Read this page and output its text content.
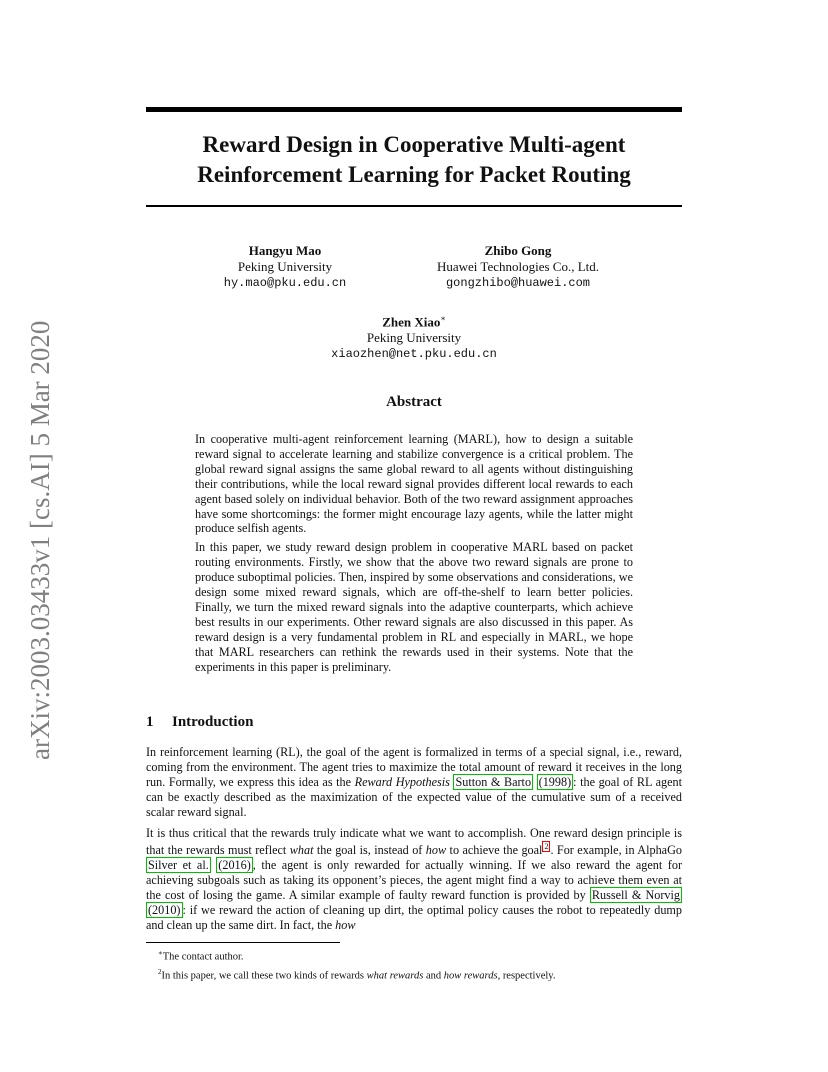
arXiv:2003.03433v1 [cs.AI] 5 Mar 2020
Reward Design in Cooperative Multi-agent
Reinforcement Learning for Packet Routing
Hangyu Mao
Peking University
hy.mao@pku.edu.cn
Zhibo Gong
Huawei Technologies Co., Ltd.
gongzhibo@huawei.com
Zhen Xiao∗
Peking University
xiaozhen@net.pku.edu.cn
Abstract

In cooperative multi-agent reinforcement learning (MARL), how to design a suitable reward signal to accelerate learning and stabilize convergence is a critical problem. The global reward signal assigns the same global reward to all agents without distinguishing their contributions, while the local reward signal provides different local rewards to each agent based solely on individual behavior. Both of the two reward assignment approaches have some shortcomings: the former might encourage lazy agents, while the latter might produce selfish agents.

In this paper, we study reward design problem in cooperative MARL based on packet routing environments. Firstly, we show that the above two reward signals are prone to produce suboptimal policies. Then, inspired by some observations and considerations, we design some mixed reward signals, which are off-the-shelf to learn better policies. Finally, we turn the mixed reward signals into the adaptive counterparts, which achieve best results in our experiments. Other reward signals are also discussed in this paper. As reward design is a very fundamental problem in RL and especially in MARL, we hope that MARL researchers can rethink the rewards used in their systems. Note that the experiments in this paper is preliminary.

1 Introduction

In reinforcement learning (RL), the goal of the agent is formalized in terms of a special signal, i.e., reward, coming from the environment. The agent tries to maximize the total amount of reward it receives in the long run. Formally, we express this idea as the Reward Hypothesis Sutton & Barto (1998) : the goal of RL agent can be exactly described as the maximization of the expected value of the cumulative sum of a received scalar reward signal.

It is thus critical that the rewards truly indicate what we want to accomplish. One reward design principle is that the rewards must reflect what the goal is, instead of how to achieve the goal $^2$ . For example, in AlphaGo Silver et al. (2016) , the agent is only rewarded for actually winning. If we also reward the agent for achieving subgoals such as taking its opponent’s pieces, the agent might find a way to achieve them even at the cost of losing the game. A similar example of faulty reward function is provided by Russell & Norvig (2010) : if we reward the action of cleaning up dirt, the optimal policy causes the robot to repeatedly dump and clean up the same dirt. In fact, the how

∗The contact author.
$^2$In this paper, we call these two kinds of rewards what rewards and how rewards, respectively.
